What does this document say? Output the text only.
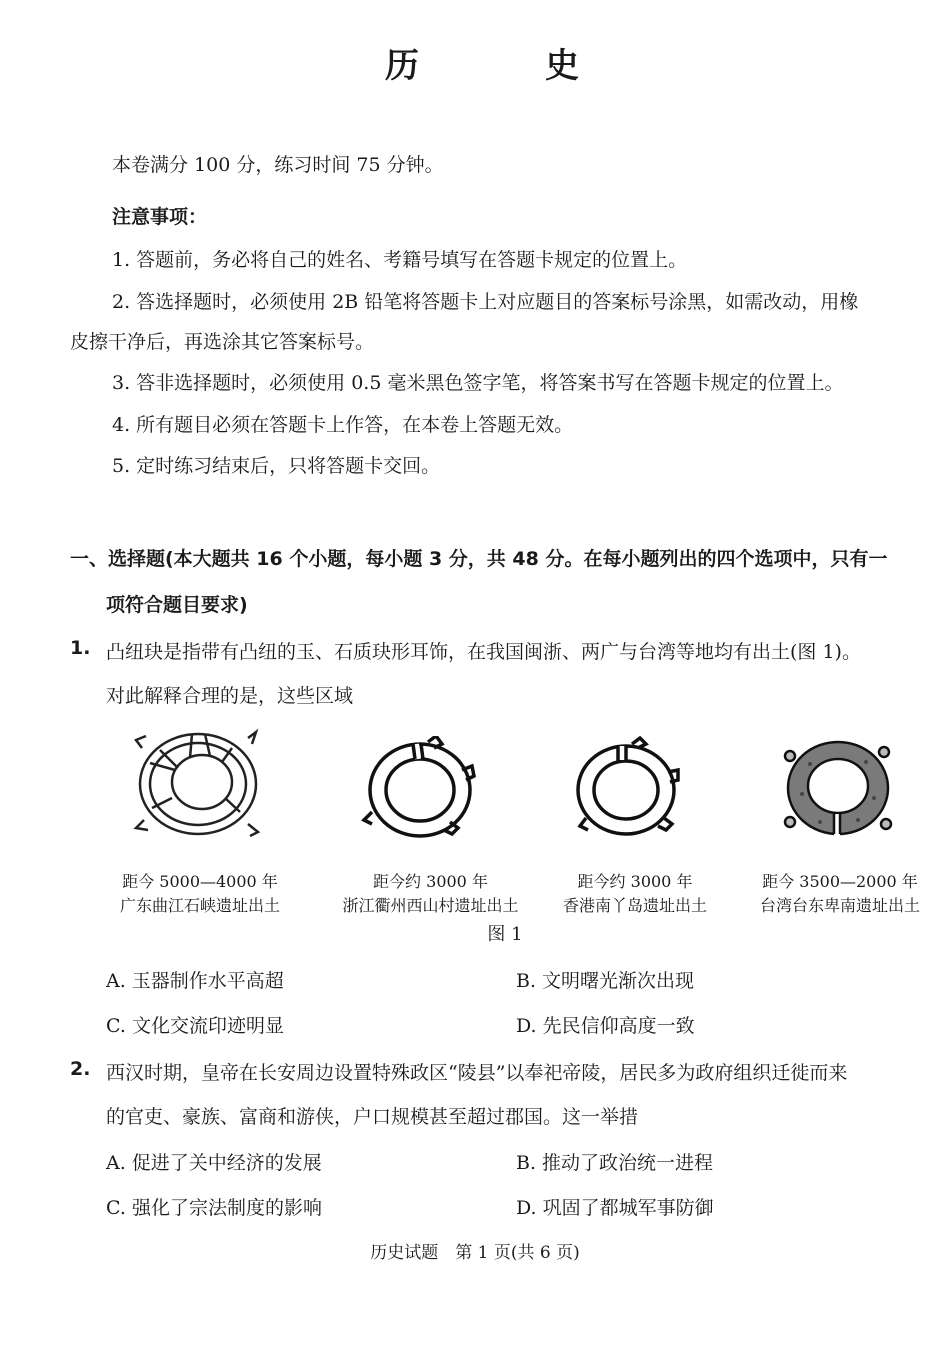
历　史
本卷满分 100 分，练习时间 75 分钟。
注意事项：
1. 答题前，务必将自己的姓名、考籍号填写在答题卡规定的位置上。
2. 答选择题时，必须使用 2B 铅笔将答题卡上对应题目的答案标号涂黑，如需改动，用橡
皮擦干净后，再选涂其它答案标号。
3. 答非选择题时，必须使用 0.5 毫米黑色签字笔，将答案书写在答题卡规定的位置上。
4. 所有题目必须在答题卡上作答，在本卷上答题无效。
5. 定时练习结束后，只将答题卡交回。
一、选择题(本大题共 16 个小题，每小题 3 分，共 48 分。在每小题列出的四个选项中，只有一
项符合题目要求)
1. 凸纽玦是指带有凸纽的玉、石质玦形耳饰，在我国闽浙、两广与台湾等地均有出土(图 1)。
对此解释合理的是，这些区域
距今 5000—4000 年
广东曲江石峡遗址出土
距今约 3000 年
浙江衢州西山村遗址出土
距今约 3000 年
香港南丫岛遗址出土
距今 3500—2000 年
台湾台东卑南遗址出土
图 1
A. 玉器制作水平高超	B. 文明曙光渐次出现
C. 文化交流印迹明显	D. 先民信仰高度一致
2. 西汉时期，皇帝在长安周边设置特殊政区“陵县”以奉祀帝陵，居民多为政府组织迁徙而来
的官吏、豪族、富商和游侠，户口规模甚至超过郡国。这一举措
A. 促进了关中经济的发展	B. 推动了政治统一进程
C. 强化了宗法制度的影响	D. 巩固了都城军事防御
历史试题　第 1 页(共 6 页)
